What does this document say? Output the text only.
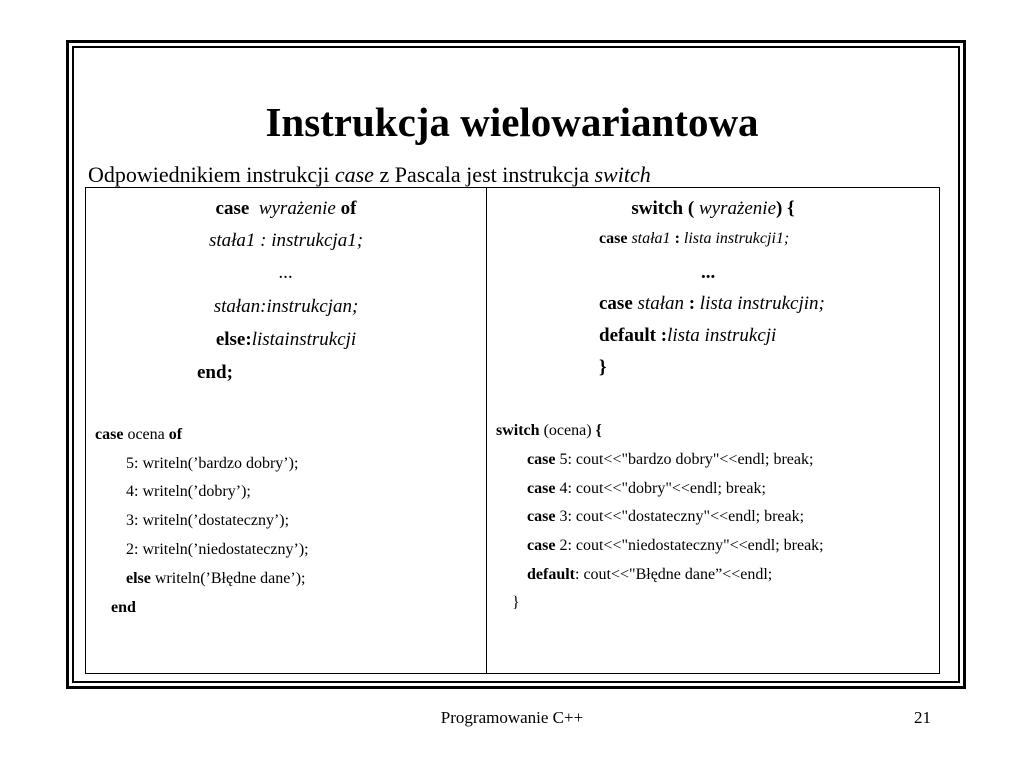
Instrukcja wielowariantowa
Odpowiednikiem instrukcji case z Pascala jest instrukcja switch
case wyrażenie of
stała1 : instrukcja1;
...
stałan:instrukcjan;
else:listainstrukcji
end;
case ocena of
5: writeln(’bardzo dobry’);
4: writeln(’dobry’);
3: writeln(’dostateczny’);
2: writeln(’niedostateczny’);
else writeln(’Błędne dane’);
end
switch ( wyrażenie) {
case stała1 : lista instrukcji1;
...
case stałan : lista instrukcjin;
default :lista instrukcji
}
switch (ocena) {
case 5: cout<<"bardzo dobry"<<endl; break;
case 4: cout<<"dobry"<<endl; break;
case 3: cout<<"dostateczny"<<endl; break;
case 2: cout<<"niedostateczny"<<endl; break;
default: cout<<"Błędne dane”<<endl;
}
Programowanie C++	21
